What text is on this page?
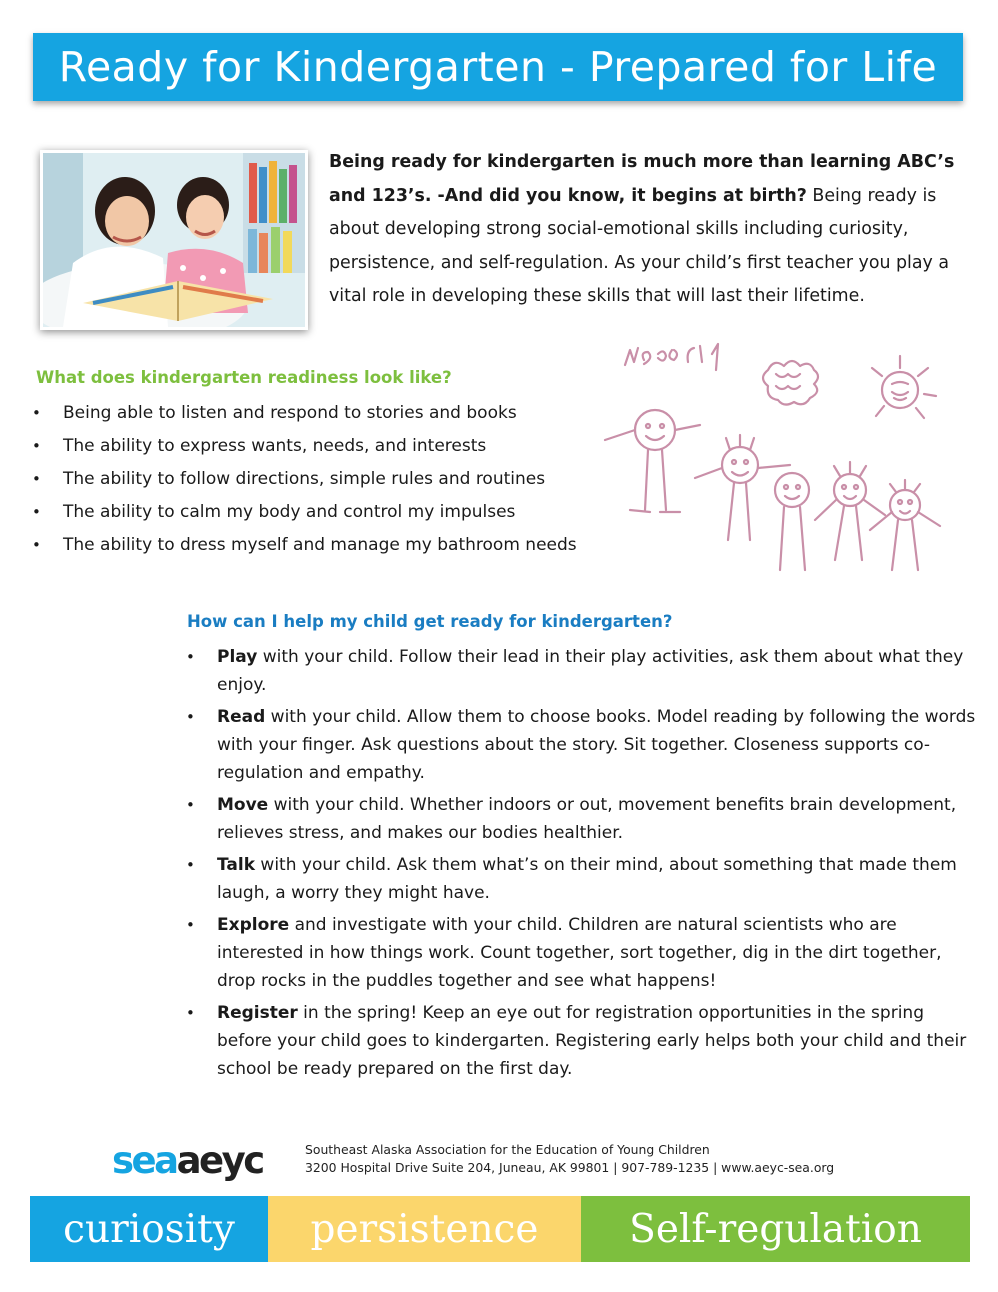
Ready for Kindergarten - Prepared for Life
Being ready for kindergarten is much more than learning ABC’s and 123’s. -And did you know, it begins at birth? Being ready is about developing strong social-emotional skills including curiosity, persistence, and self-regulation. As your child’s first teacher you play a vital role in developing these skills that will last their lifetime.
What does kindergarten readiness look like?
• Being able to listen and respond to stories and books
• The ability to express wants, needs, and interests
• The ability to follow directions, simple rules and routines
• The ability to calm my body and control my impulses
• The ability to dress myself and manage my bathroom needs
How can I help my child get ready for kindergarten?
• Play with your child. Follow their lead in their play activities, ask them about what they enjoy.
• Read with your child. Allow them to choose books. Model reading by following the words with your finger. Ask questions about the story. Sit together. Closeness supports co-regulation and empathy.
• Move with your child. Whether indoors or out, movement benefits brain development, relieves stress, and makes our bodies healthier.
• Talk with your child. Ask them what’s on their mind, about something that made them laugh, a worry they might have.
• Explore and investigate with your child. Children are natural scientists who are interested in how things work. Count together, sort together, dig in the dirt together, drop rocks in the puddles together and see what happens!
• Register in the spring! Keep an eye out for registration opportunities in the spring before your child goes to kindergarten. Registering early helps both your child and their school be ready prepared on the first day.
seaaeyc	Southeast Alaska Association for the Education of Young Children
3200 Hospital Drive Suite 204, Juneau, AK 99801 | 907-789-1235 | www.aeyc-sea.org
curiosity	persistence	Self-regulation
